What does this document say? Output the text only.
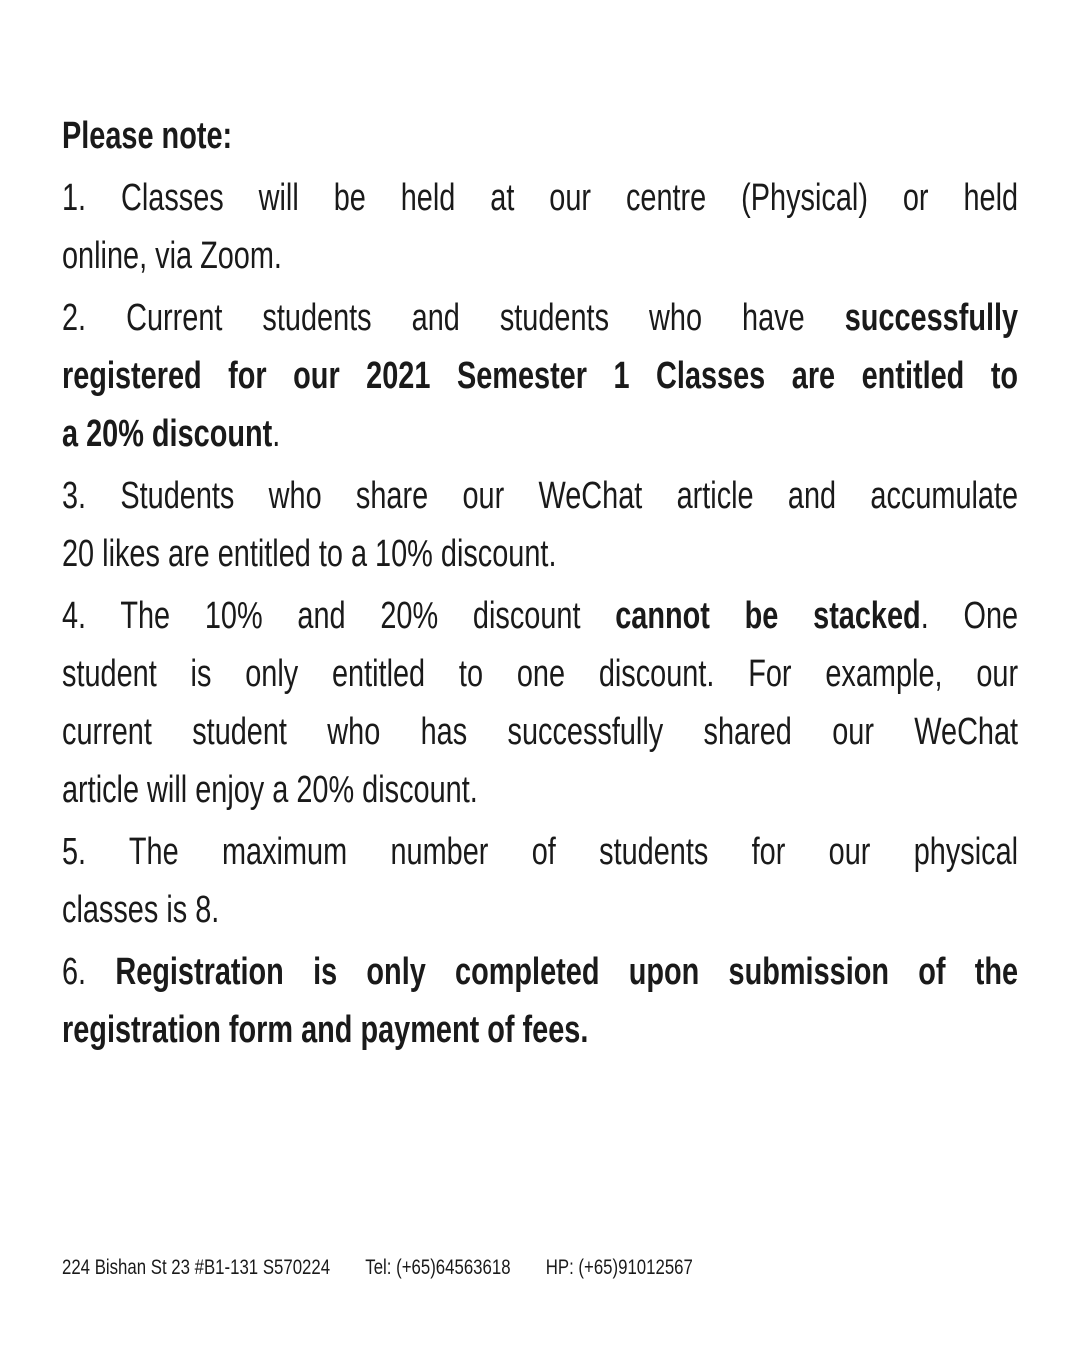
Please note:
1. Classes will be held at our centre (Physical) or held
online, via Zoom.
2. Current students and students who have successfully
registered for our 2021 Semester 1 Classes are entitled to
a 20% discount.
3. Students who share our WeChat article and accumulate
20 likes are entitled to a 10% discount.
4. The 10% and 20% discount cannot be stacked. One
student is only entitled to one discount. For example, our
current student who has successfully shared our WeChat
article will enjoy a 20% discount.
5. The maximum number of students for our physical
classes is 8.
6. Registration is only completed upon submission of the
registration form and payment of fees.
224 Bishan St 23 #B1-131 S570224 Tel: (+65)64563618 HP: (+65)91012567
